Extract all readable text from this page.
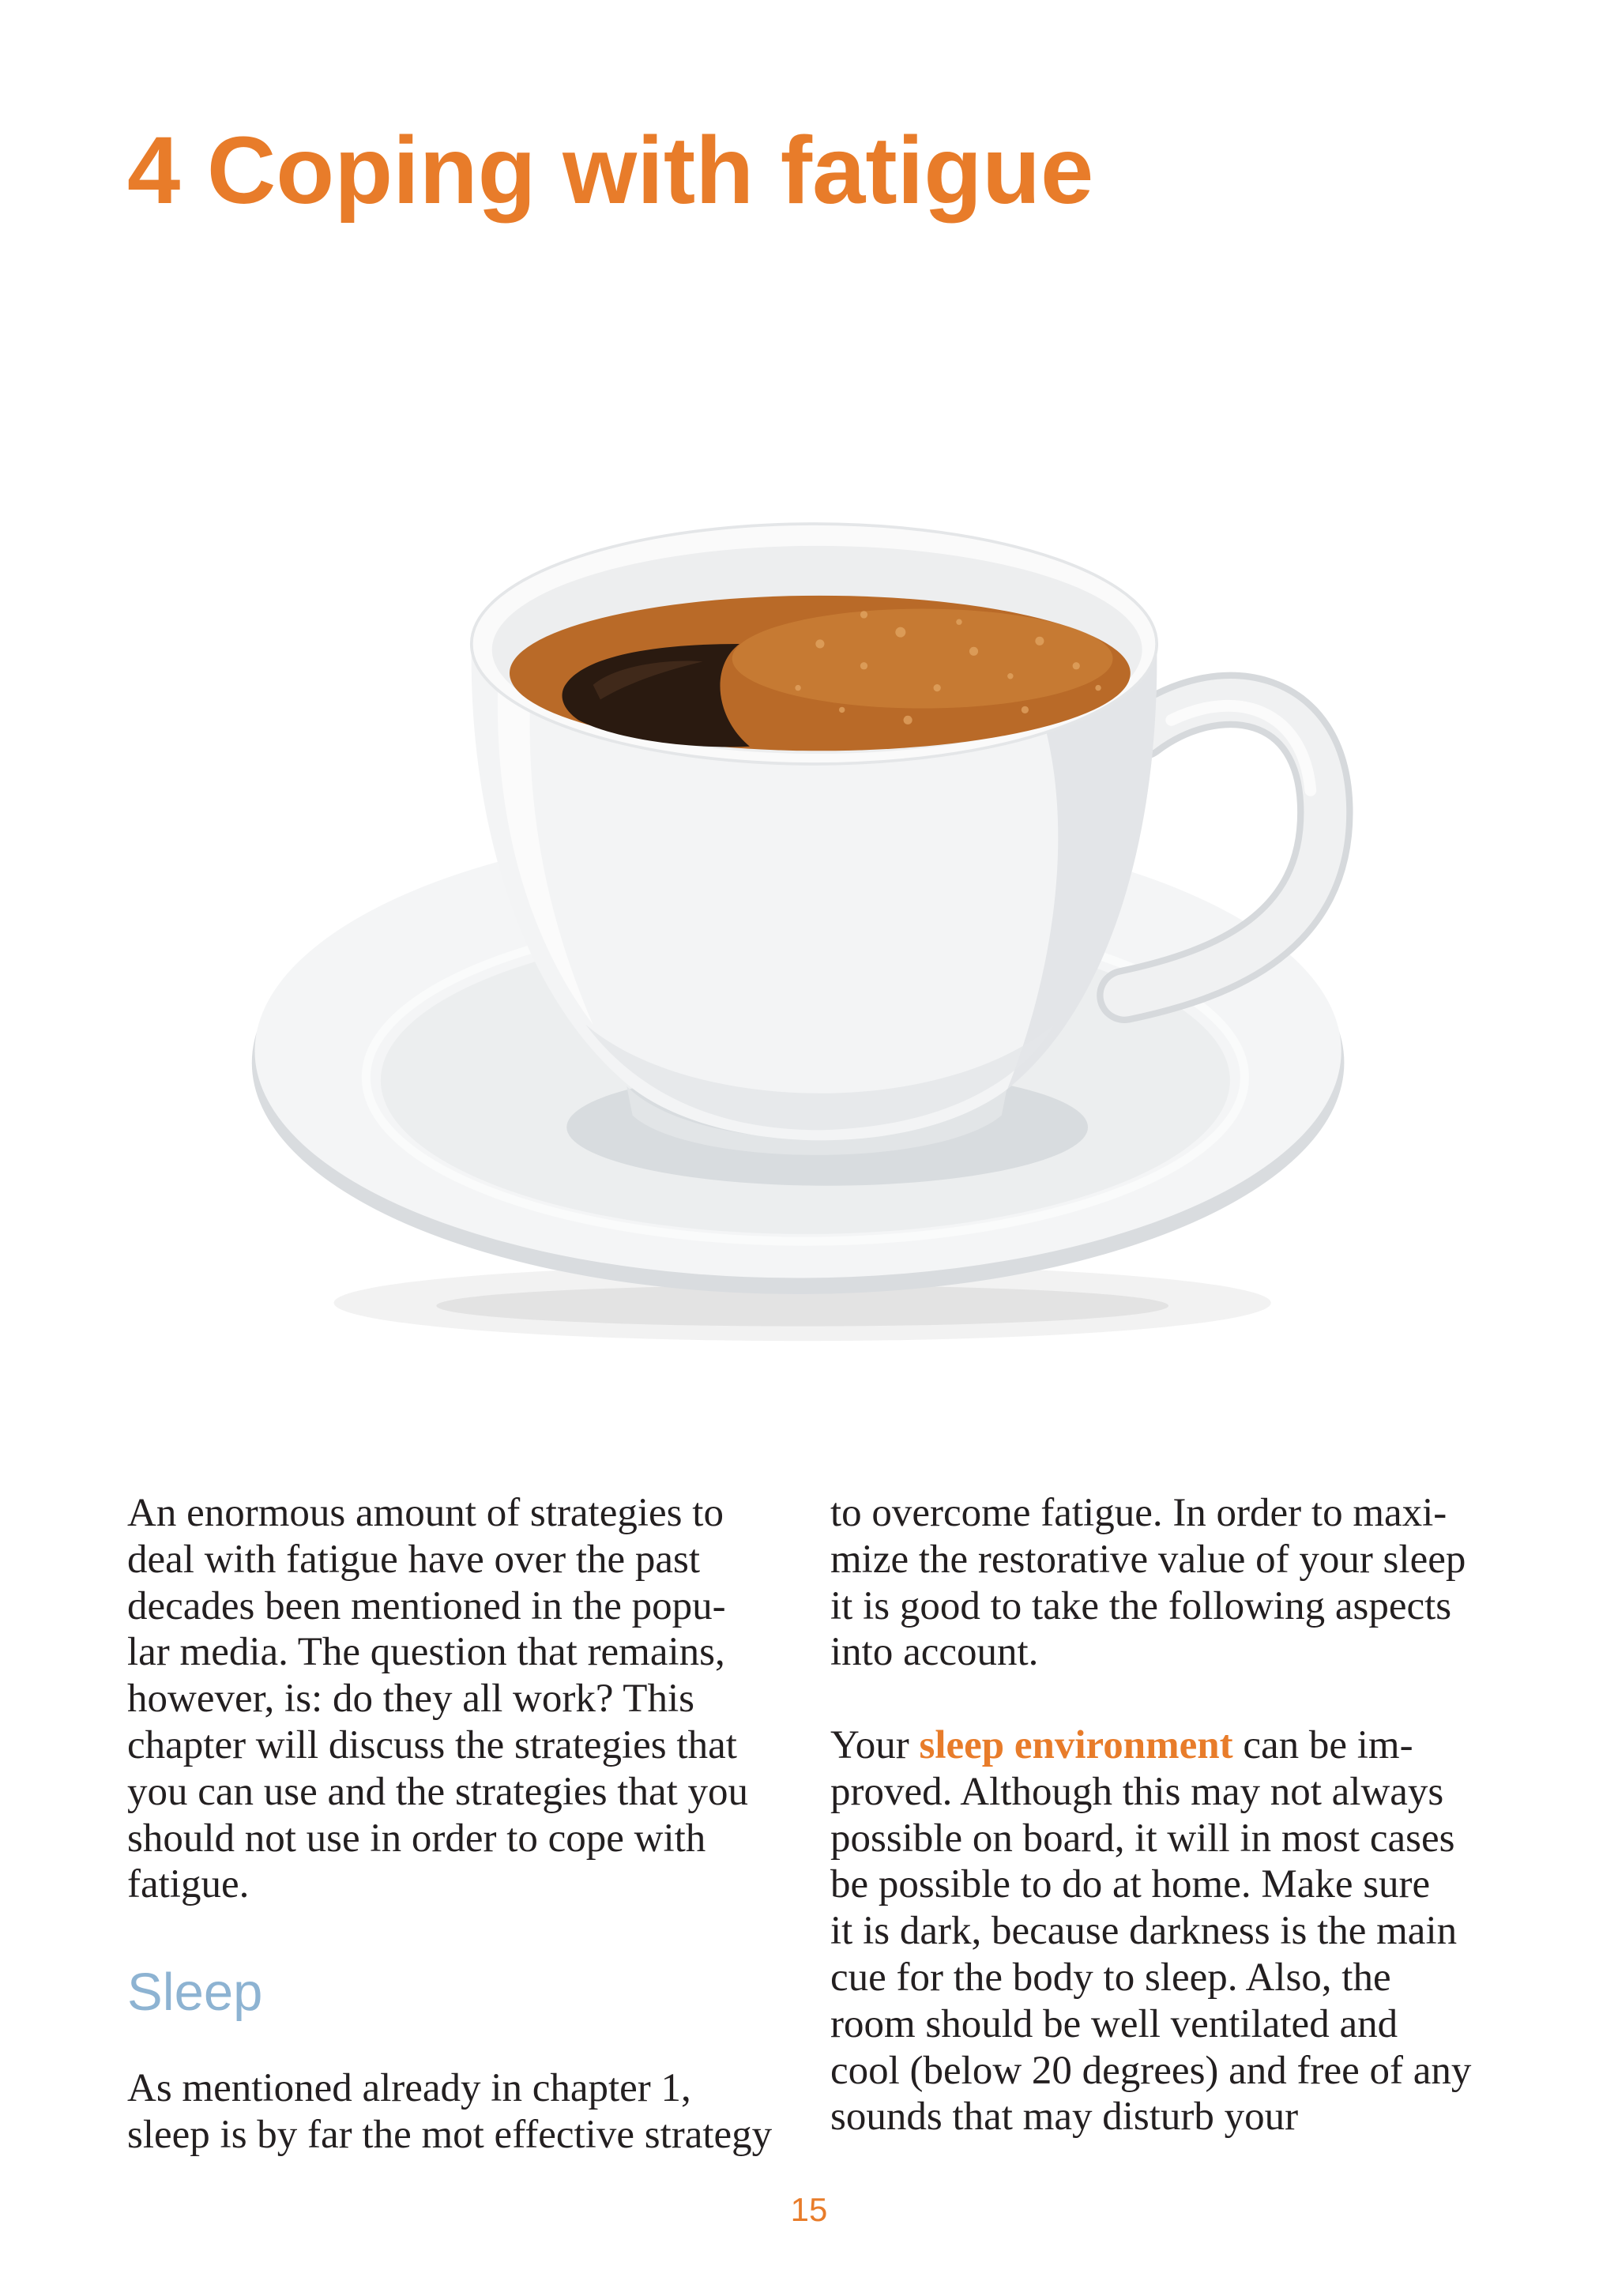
4 Coping with fatigue
An enormous amount of strategies to
deal with fatigue have over the past
decades been mentioned in the popu-
lar media. The question that remains,
however, is: do they all work? This
chapter will discuss the strategies that
you can use and the strategies that you
should not use in order to cope with
fatigue.
Sleep
As mentioned already in chapter 1,
sleep is by far the mot effective strategy
to overcome fatigue. In order to maxi-
mize the restorative value of your sleep
it is good to take the following aspects
into account.
Your sleep environment can be im-
proved. Although this may not always
possible on board, it will in most cases
be possible to do at home. Make sure
it is dark, because darkness is the main
cue for the body to sleep. Also, the
room should be well ventilated and
cool (below 20 degrees) and free of any
sounds that may disturb your
15
